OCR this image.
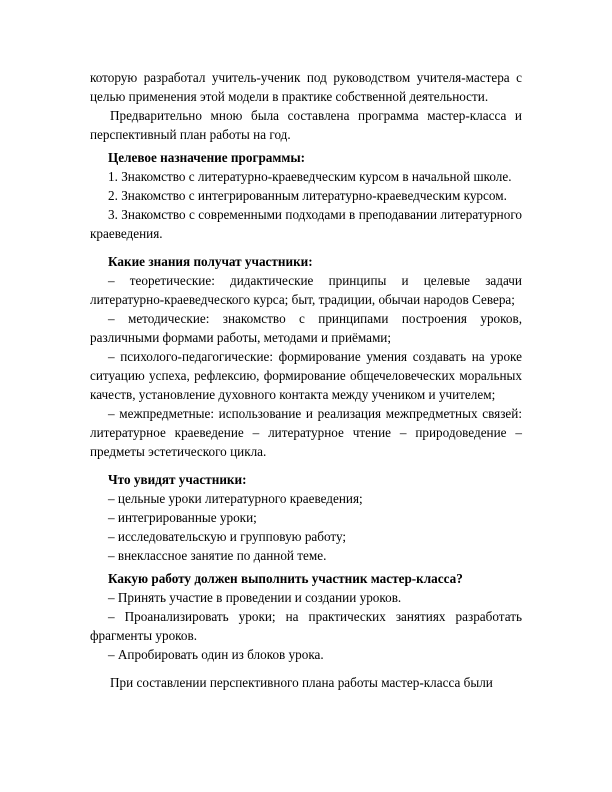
которую разработал учитель-ученик под руководством учителя-мастера с целью применения этой модели в практике собственной деятельности.

Предварительно мною была составлена программа мастер-класса и перспективный план работы на год.

Целевое назначение программы:

1. Знакомство с литературно-краеведческим курсом в начальной школе.

2. Знакомство с интегрированным литературно-краеведческим курсом.

3. Знакомство с современными подходами в преподавании литературного краеведения.

Какие знания получат участники:

– теоретические: дидактические принципы и целевые задачи литературно-краеведческого курса; быт, традиции, обычаи народов Севера;

– методические: знакомство с принципами построения уроков, различными формами работы, методами и приёмами;

– психолого-педагогические: формирование умения создавать на уроке ситуацию успеха, рефлексию, формирование общечеловеческих моральных качеств, установление духовного контакта между учеником и учителем;

– межпредметные: использование и реализация межпредметных связей: литературное краеведение – литературное чтение – природоведение – предметы эстетического цикла.

Что увидят участники:

– цельные уроки литературного краеведения;

– интегрированные уроки;

– исследовательскую и групповую работу;

– внеклассное занятие по данной теме.

Какую работу должен выполнить участник мастер-класса?

– Принять участие в проведении и создании уроков.

– Проанализировать уроки; на практических занятиях разработать фрагменты уроков.

– Апробировать один из блоков урока.

При составлении перспективного плана работы мастер-класса были
